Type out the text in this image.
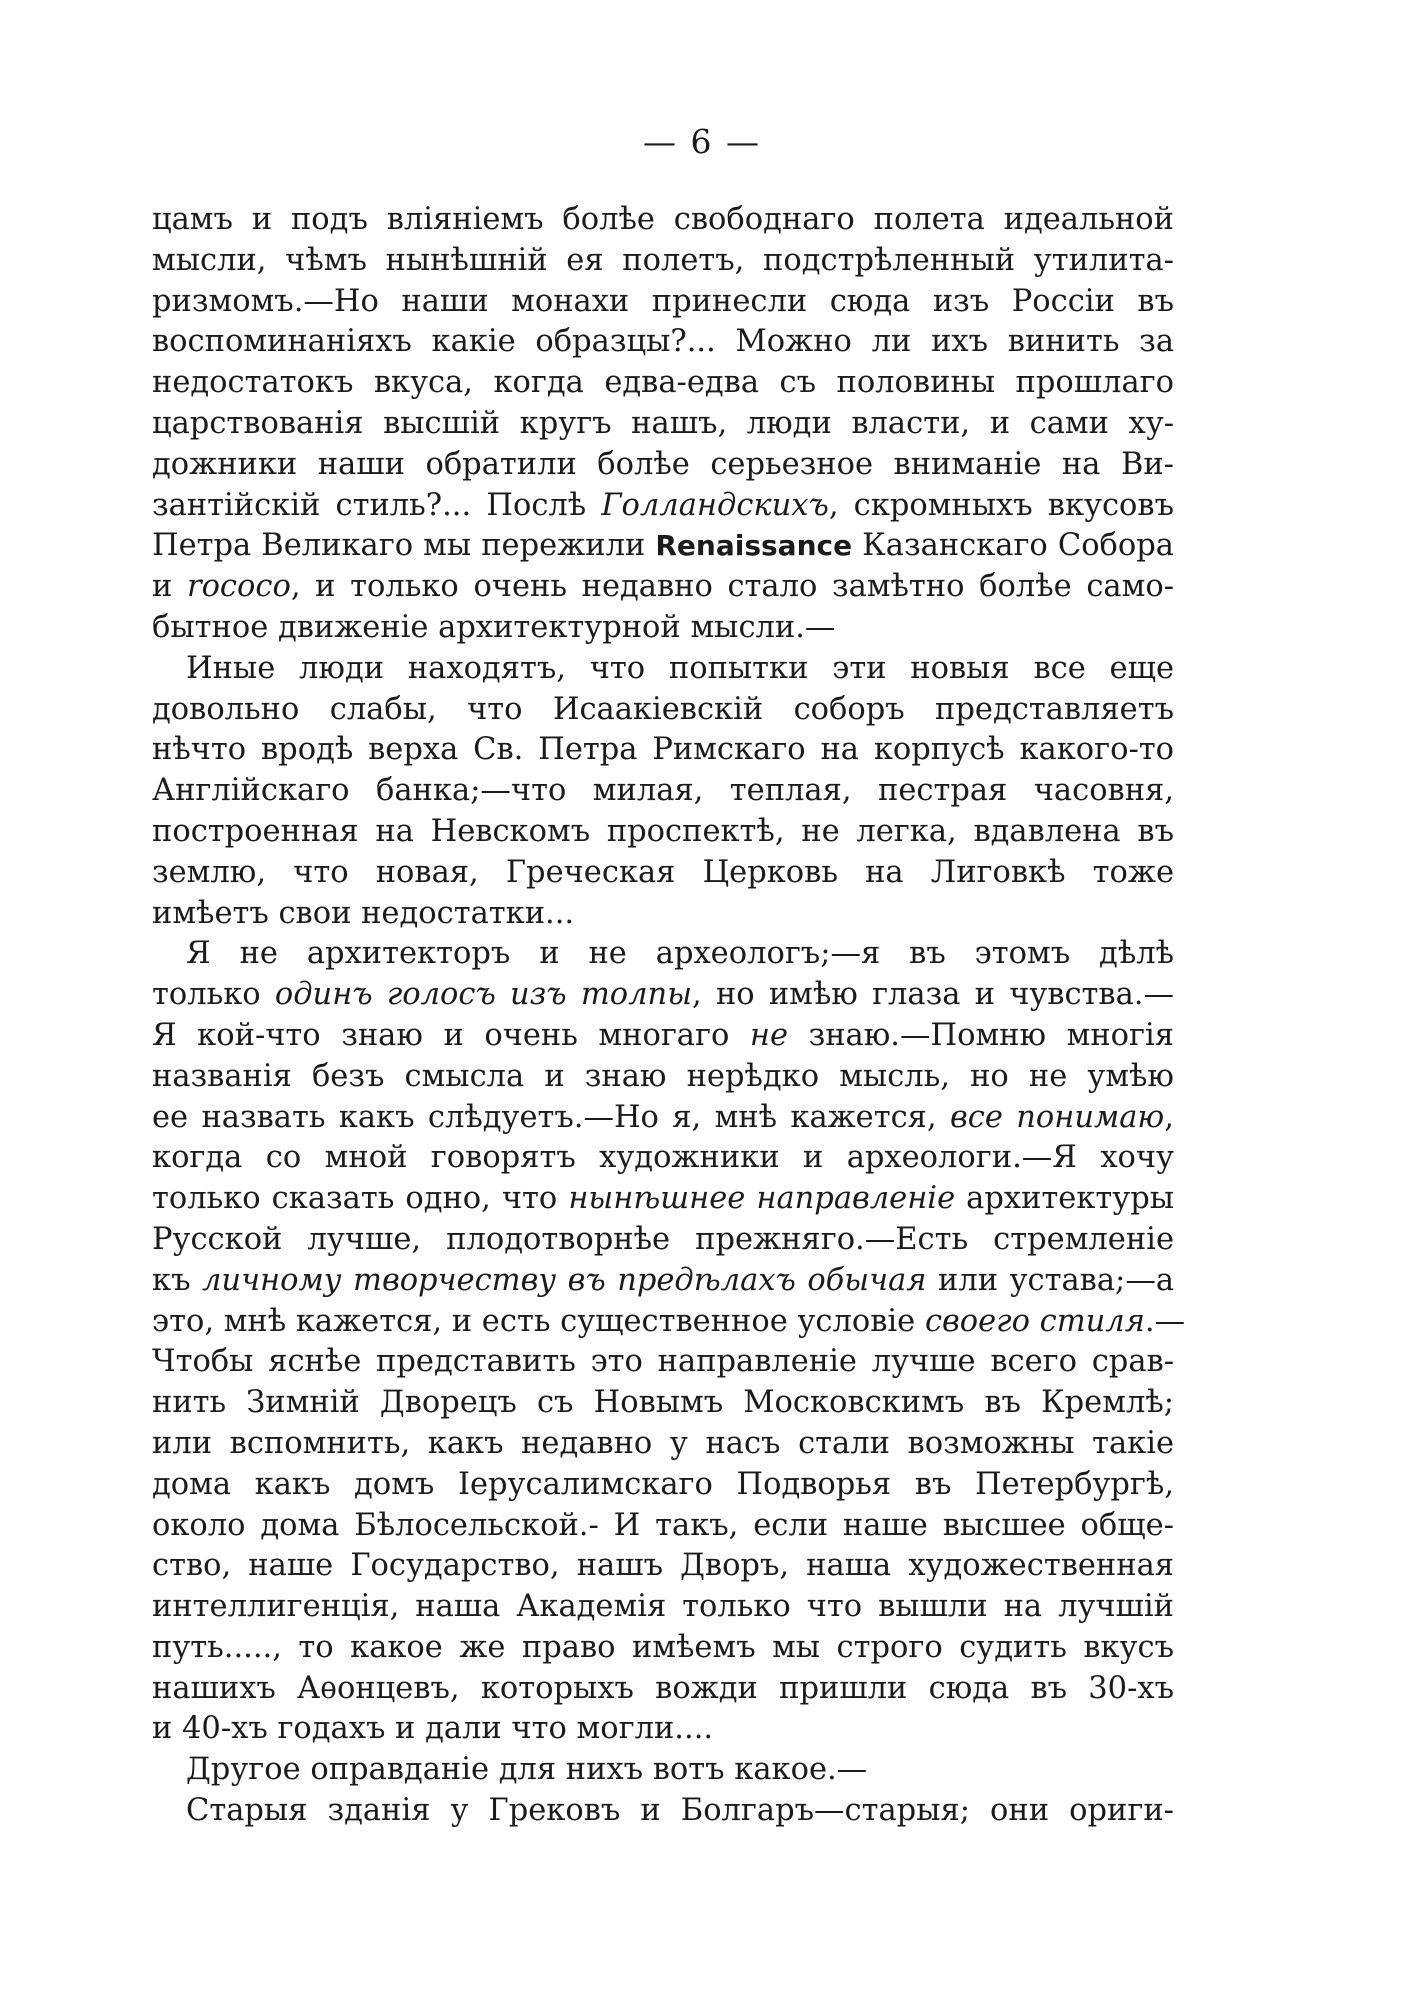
— 6 —
цамъ и подъ вліяніемъ болѣе свободнаго полета идеальной
мысли, чѣмъ нынѣшній ея полетъ, подстрѣленный утилита-
ризмомъ.—Но наши монахи принесли сюда изъ Россіи въ
воспоминаніяхъ какіе образцы?... Можно ли ихъ винить за
недостатокъ вкуса, когда едва-едва съ половины прошлаго
царствованія высшій кругъ нашъ, люди власти, и сами ху-
дожники наши обратили болѣе серьезное вниманіе на Ви-
зантійскій стиль?... Послѣ Голландскихъ, скромныхъ вкусовъ
Петра Великаго мы пережили Renaissance Казанскаго Собора
и rococo, и только очень недавно стало замѣтно болѣе само-
бытное движеніе архитектурной мысли.—
Иные люди находятъ, что попытки эти новыя все еще
довольно слабы, что Исаакіевскій соборъ представляетъ
нѣчто вродѣ верха Св. Петра Римскаго на корпусѣ какого-то
Англійскаго банка;—что милая, теплая, пестрая часовня,
построенная на Невскомъ проспектѣ, не легка, вдавлена въ
землю, что новая, Греческая Церковь на Лиговкѣ тоже
имѣетъ свои недостатки...
Я не архитекторъ и не археологъ;—я въ этомъ дѣлѣ
только одинъ голосъ изъ толпы, но имѣю глаза и чувства.—
Я кой-что знаю и очень многаго не знаю.—Помню многія
названія безъ смысла и знаю нерѣдко мысль, но не умѣю
ее назвать какъ слѣдуетъ.—Но я, мнѣ кажется, все понимаю,
когда со мной говорятъ художники и археологи.—Я хочу
только сказать одно, что нынѣшнее направленіе архитектуры
Русской лучше, плодотворнѣе прежняго.—Есть стремленіе
къ личному творчеству въ предѣлахъ обычая или устава;—а
это, мнѣ кажется, и есть существенное условіе своего стиля.—
Чтобы яснѣе представить это направленіе лучше всего срав-
нить Зимній Дворецъ съ Новымъ Московскимъ въ Кремлѣ;
или вспомнить, какъ недавно у насъ стали возможны такіе
дома какъ домъ Іерусалимскаго Подворья въ Петербургѣ,
около дома Бѣлосельской.- И такъ, если наше высшее обще-
ство, наше Государство, нашъ Дворъ, наша художественная
интеллигенція, наша Академія только что вышли на лучшій
путь....., то какое же право имѣемъ мы строго судить вкусъ
нашихъ Аѳонцевъ, которыхъ вожди пришли сюда въ 30-хъ
и 40-хъ годахъ и дали что могли....
Другое оправданіе для нихъ вотъ какое.—
Старыя зданія у Грековъ и Болгаръ—старыя; они ориги-
